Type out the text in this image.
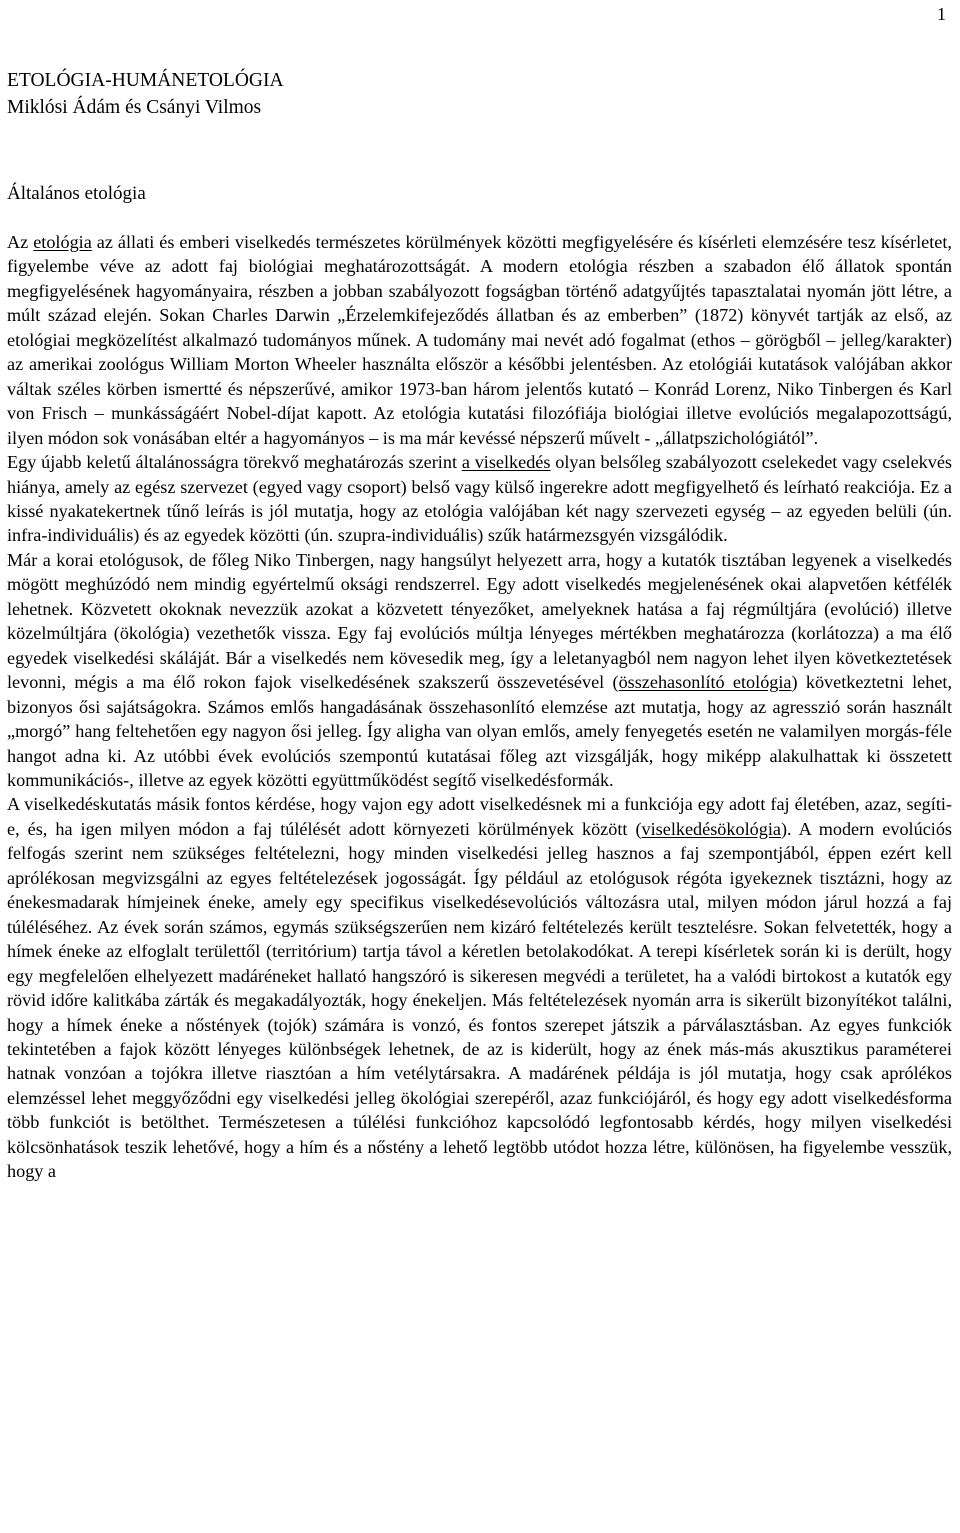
1
ETOLÓGIA-HUMÁNETOLÓGIA
Miklósi Ádám és Csányi Vilmos
Általános etológia

Az etológia az állati és emberi viselkedés természetes körülmények közötti megfigyelésére és kísérleti elemzésére tesz kísérletet, figyelembe véve az adott faj biológiai meghatározottságát. A modern etológia részben a szabadon élő állatok spontán megfigyelésének hagyományaira, részben a jobban szabályozott fogságban történő adatgyűjtés tapasztalatai nyomán jött létre, a múlt század elején. Sokan Charles Darwin „Érzelemkifejeződés állatban és az emberben” (1872) könyvét tartják az első, az etológiai megközelítést alkalmazó tudományos műnek. A tudomány mai nevét adó fogalmat (ethos – görögből – jelleg/karakter) az amerikai zoológus William Morton Wheeler használta először a későbbi jelentésben. Az etológiái kutatások valójában akkor váltak széles körben ismertté és népszerűvé, amikor 1973-ban három jelentős kutató – Konrád Lorenz, Niko Tinbergen és Karl von Frisch – munkásságáért Nobel-díjat kapott. Az etológia kutatási filozófiája biológiai illetve evolúciós megalapozottságú, ilyen módon sok vonásában eltér a hagyományos – is ma már kevéssé népszerű művelt - „állatpszichológiától”.

Egy újabb keletű általánosságra törekvő meghatározás szerint a viselkedés olyan belsőleg szabályozott cselekedet vagy cselekvés hiánya, amely az egész szervezet (egyed vagy csoport) belső vagy külső ingerekre adott megfigyelhető és leírható reakciója. Ez a kissé nyakatekertnek tűnő leírás is jól mutatja, hogy az etológia valójában két nagy szervezeti egység – az egyeden belüli (ún. infra-individuális) és az egyedek közötti (ún. szupra-individuális) szűk határmezsgyén vizsgálódik.

Már a korai etológusok, de főleg Niko Tinbergen, nagy hangsúlyt helyezett arra, hogy a kutatók tisztában legyenek a viselkedés mögött meghúzódó nem mindig egyértelmű oksági rendszerrel. Egy adott viselkedés megjelenésének okai alapvetően kétfélék lehetnek. Közvetett okoknak nevezzük azokat a közvetett tényezőket, amelyeknek hatása a faj régmúltjára (evolúció) illetve közelmúltjára (ökológia) vezethetők vissza. Egy faj evolúciós múltja lényeges mértékben meghatározza (korlátozza) a ma élő egyedek viselkedési skáláját. Bár a viselkedés nem kövesedik meg, így a leletanyagból nem nagyon lehet ilyen következtetések levonni, mégis a ma élő rokon fajok viselkedésének szakszerű összevetésével (összehasonlító etológia) következtetni lehet, bizonyos ősi sajátságokra. Számos emlős hangadásának összehasonlító elemzése azt mutatja, hogy az agresszió során használt „morgó” hang feltehetően egy nagyon ősi jelleg. Így aligha van olyan emlős, amely fenyegetés esetén ne valamilyen morgás-féle hangot adna ki. Az utóbbi évek evolúciós szempontú kutatásai főleg azt vizsgálják, hogy miképp alakulhattak ki összetett kommunikációs-, illetve az egyek közötti együttműködést segítő viselkedésformák.

A viselkedéskutatás másik fontos kérdése, hogy vajon egy adott viselkedésnek mi a funkciója egy adott faj életében, azaz, segíti-e, és, ha igen milyen módon a faj túlélését adott környezeti körülmények között (viselkedésökológia). A modern evolúciós felfogás szerint nem szükséges feltételezni, hogy minden viselkedési jelleg hasznos a faj szempontjából, éppen ezért kell aprólékosan megvizsgálni az egyes feltételezések jogosságát. Így például az etológusok régóta igyekeznek tisztázni, hogy az énekesmadarak hímjeinek éneke, amely egy specifikus viselkedésevolúciós változásra utal, milyen módon járul hozzá a faj túléléséhez. Az évek során számos, egymás szükségszerűen nem kizáró feltételezés került tesztelésre. Sokan felvetették, hogy a hímek éneke az elfoglalt területtől (territórium) tartja távol a kéretlen betolakodókat. A terepi kísérletek során ki is derült, hogy egy megfelelően elhelyezett madáréneket hallató hangszóró is sikeresen megvédi a területet, ha a valódi birtokost a kutatók egy rövid időre kalitkába zárták és megakadályozták, hogy énekeljen. Más feltételezések nyomán arra is sikerült bizonyítékot találni, hogy a hímek éneke a nőstények (tojók) számára is vonzó, és fontos szerepet játszik a párválasztásban. Az egyes funkciók tekintetében a fajok között lényeges különbségek lehetnek, de az is kiderült, hogy az ének más-más akusztikus paraméterei hatnak vonzóan a tojókra illetve riasztóan a hím vetélytársakra. A madárének példája is jól mutatja, hogy csak aprólékos elemzéssel lehet meggyőződni egy viselkedési jelleg ökológiai szerepéről, azaz funkciójáról, és hogy egy adott viselkedésforma több funkciót is betölthet. Természetesen a túlélési funkcióhoz kapcsolódó legfontosabb kérdés, hogy milyen viselkedési kölcsönhatások teszik lehetővé, hogy a hím és a nőstény a lehető legtöbb utódot hozza létre, különösen, ha figyelembe vesszük, hogy a
